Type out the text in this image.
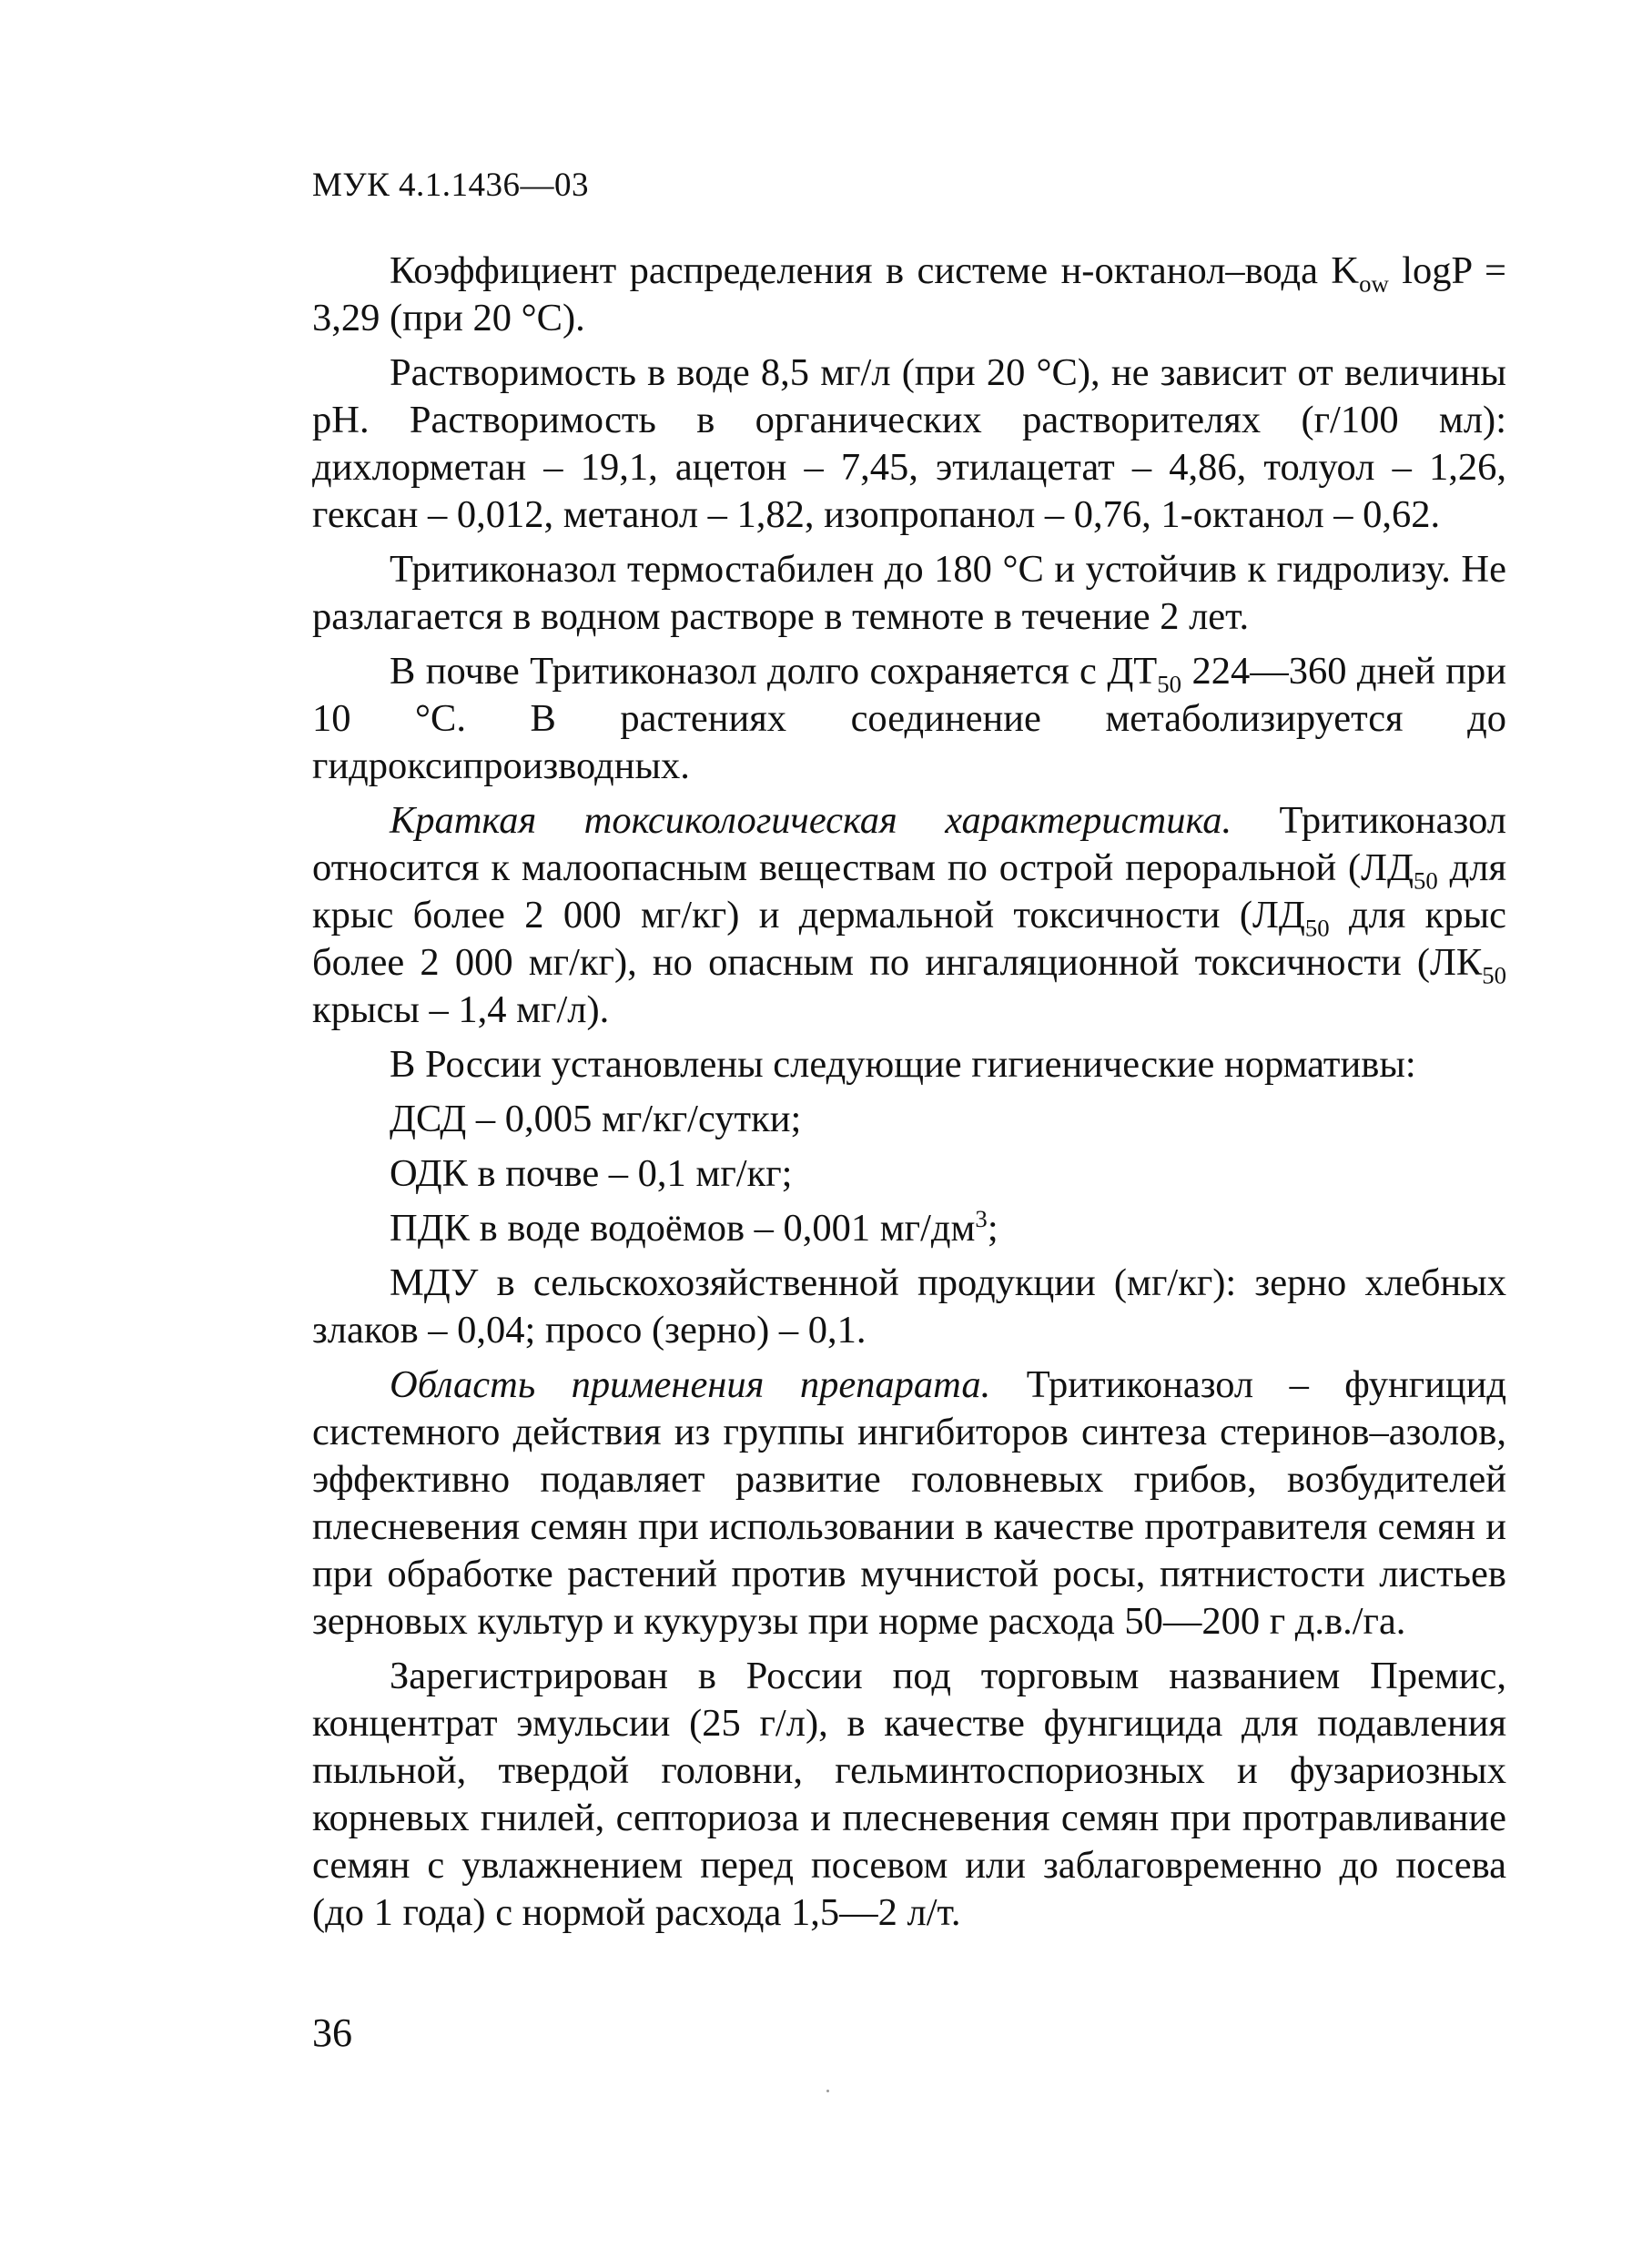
МУК 4.1.1436—03

Коэффициент распределения в системе н-октанол–вода $K_{ow}$ logP = 3,29 (при 20 °С).

Растворимость в воде 8,5 мг/л (при 20 °С), не зависит от величины pH. Растворимость в органических растворителях (г/100 мл): дихлорметан – 19,1, ацетон – 7,45, этилацетат – 4,86, толуол – 1,26, гексан – 0,012, метанол – 1,82, изопропанол – 0,76, 1-октанол – 0,62.

Тритиконазол термостабилен до 180 °С и устойчив к гидролизу. Не разлагается в водном растворе в темноте в течение 2 лет.

В почве Тритиконазол долго сохраняется с $ДТ_{50}$ 224—360 дней при 10 °С. В растениях соединение метаболизируется до гидроксипроизводных.

Краткая токсикологическая характеристика. Тритиконазол относится к малоопасным веществам по острой пероральной ($ЛД_{50}$ для крыс более 2 000 мг/кг) и дермальной токсичности ($ЛД_{50}$ для крыс более 2 000 мг/кг), но опасным по ингаляционной токсичности ($ЛК_{50}$ крысы – 1,4 мг/л).

В России установлены следующие гигиенические нормативы:

ДСД – 0,005 мг/кг/сутки;

ОДК в почве – 0,1 мг/кг;

ПДК в воде водоёмов – 0,001 $мг/дм^3$;

МДУ в сельскохозяйственной продукции (мг/кг): зерно хлебных злаков – 0,04; просо (зерно) – 0,1.

Область применения препарата. Тритиконазол – фунгицид системного действия из группы ингибиторов синтеза стеринов–азолов, эффективно подавляет развитие головневых грибов, возбудителей плесневения семян при использовании в качестве протравителя семян и при обработке растений против мучнистой росы, пятнистости листьев зерновых культур и кукурузы при норме расхода 50—200 г д.в./га.

Зарегистрирован в России под торговым названием Премис, концентрат эмульсии (25 г/л), в качестве фунгицида для подавления пыльной, твердой головни, гельминтоспориозных и фузариозных корневых гнилей, септориоза и плесневения семян при протравливание семян с увлажнением перед посевом или заблаговременно до посева (до 1 года) с нормой расхода 1,5—2 л/т.

36
